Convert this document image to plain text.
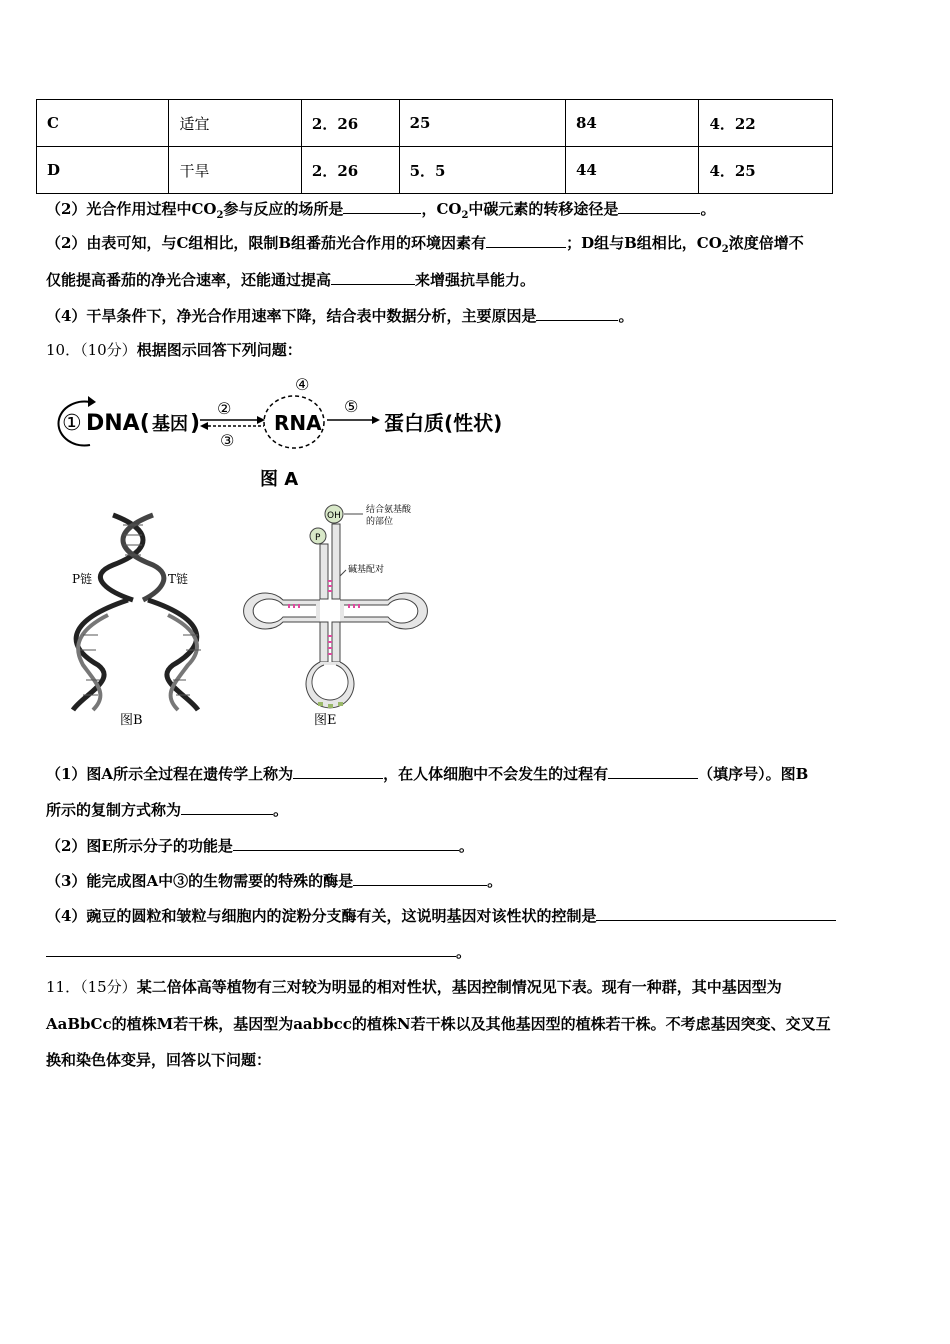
C	适宜	2．26	25	84	4．22
D	干旱	2．26	5．5	44	4．25
（2）光合作用过程中$CO_2$参与反应的场所是	，$CO_2$中碳元素的转移途径是	。
（2）由表可知，与C组相比，限制B组番茄光合作用的环境因素有	；D组与B组相比，$CO_2$浓度倍增不
仅能提高番茄的净光合速率，还能通过提高	来增强抗旱能力。
（4）干旱条件下，净光合作用速率下降，结合表中数据分析，主要原因是	。
10．（10分）根据图示回答下列问题：
① DNA( 基因 )
②
③
④
RNA
⑤
蛋白质(性状)
图 A
P链	T链
图B
OH
P
结合氨基酸
的部位
碱基配对
图E
（1）图A所示全过程在遗传学上称为	，在人体细胞中不会发生的过程有	（填序号）。图B
所示的复制方式称为	。
（2）图E所示分子的功能是	。
（3）能完成图A中③的生物需要的特殊的酶是	。
（4）豌豆的圆粒和皱粒与细胞内的淀粉分支酶有关，这说明基因对该性状的控制是
。
11．（15分）某二倍体高等植物有三对较为明显的相对性状，基因控制情况见下表。现有一种群，其中基因型为
AaBbCc的植株M若干株，基因型为aabbcc的植株N若干株以及其他基因型的植株若干株。不考虑基因突变、交叉互
换和染色体变异，回答以下问题：
